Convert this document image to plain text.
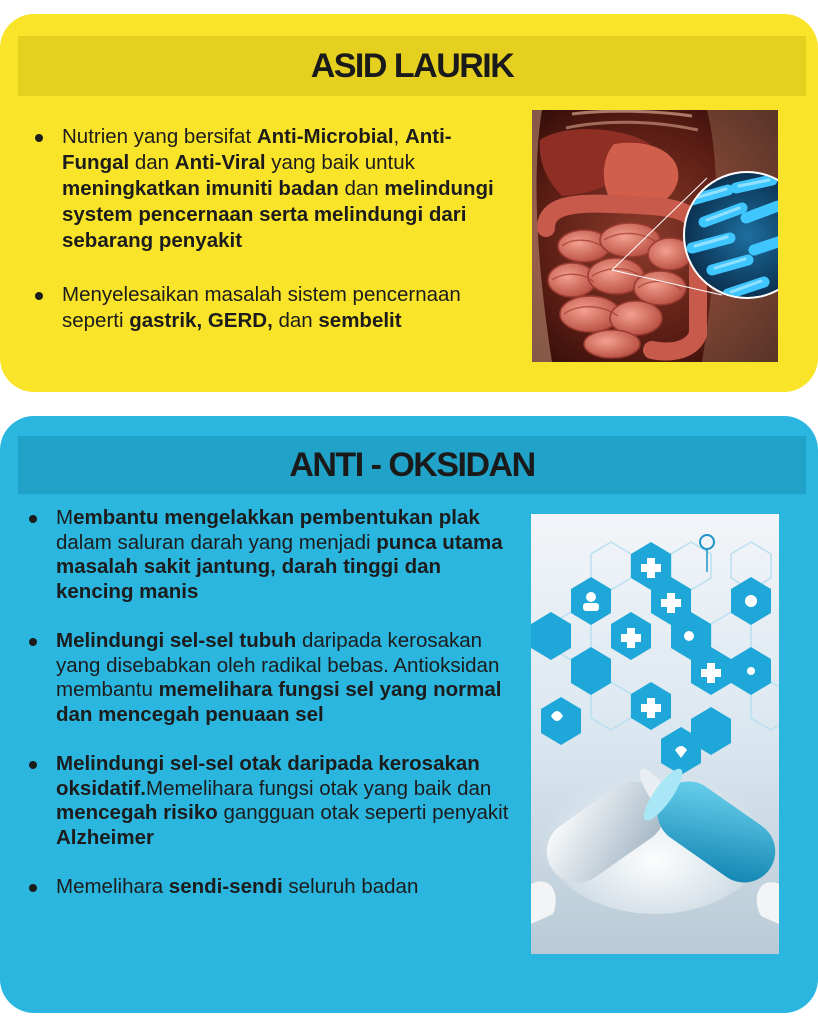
ASID LAURIK
Nutrien yang bersifat Anti-Microbial, Anti-Fungal dan Anti-Viral yang baik untuk meningkatkan imuniti badan dan melindungi system pencernaan serta melindungi dari sebarang penyakit
Menyelesaikan masalah sistem pencernaan seperti gastrik, GERD, dan sembelit
ANTI - OKSIDAN
Membantu mengelakkan pembentukan plak dalam saluran darah yang menjadi punca utama masalah sakit jantung, darah tinggi dan kencing manis
Melindungi sel-sel tubuh daripada kerosakan yang disebabkan oleh radikal bebas. Antioksidan membantu memelihara fungsi sel yang normal dan mencegah penuaan sel
Melindungi sel-sel otak daripada kerosakan oksidatif.Memelihara fungsi otak yang baik dan mencegah risiko gangguan otak seperti penyakit Alzheimer
Memelihara sendi-sendi seluruh badan
